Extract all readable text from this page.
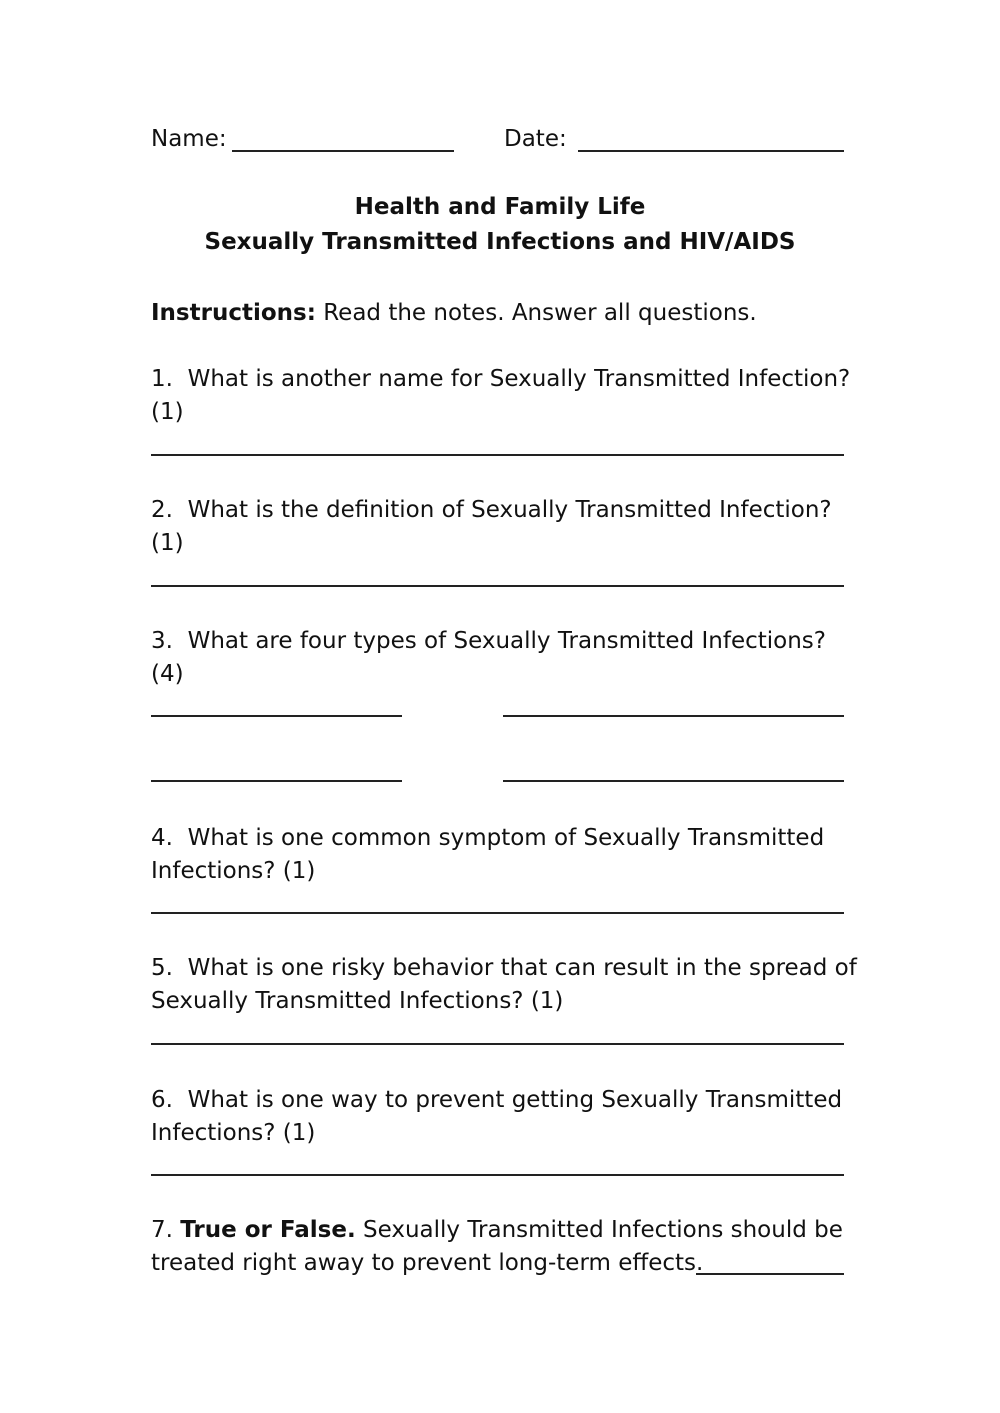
Name:	Date:
Health and Family Life
Sexually Transmitted Infections and HIV/AIDS
Instructions: Read the notes. Answer all questions.
1. What is another name for Sexually Transmitted Infection?
(1)
2. What is the definition of Sexually Transmitted Infection?
(1)
3. What are four types of Sexually Transmitted Infections?
(4)
4. What is one common symptom of Sexually Transmitted
Infections? (1)
5. What is one risky behavior that can result in the spread of
Sexually Transmitted Infections? (1)
6. What is one way to prevent getting Sexually Transmitted
Infections? (1)
7. True or False. Sexually Transmitted Infections should be
treated right away to prevent long-term effects.
